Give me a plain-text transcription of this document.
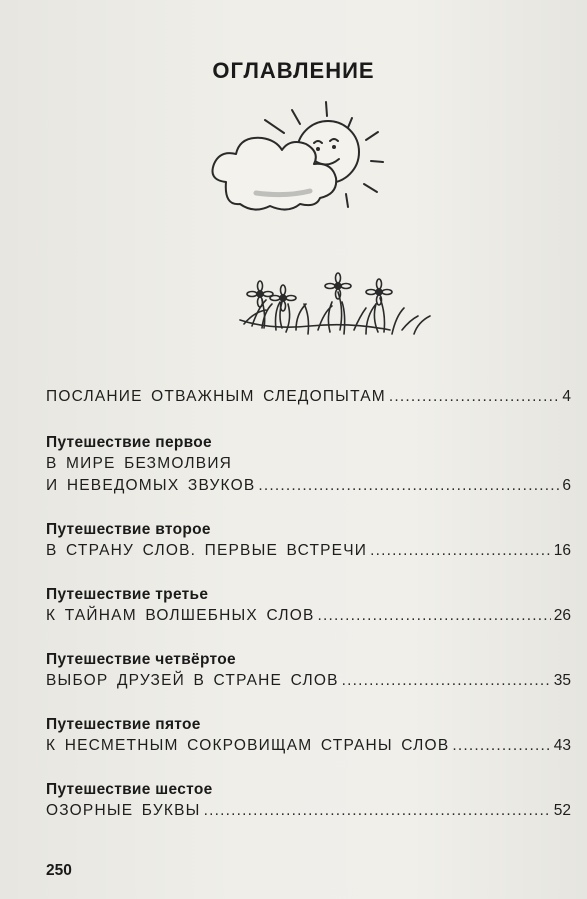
ОГЛАВЛЕНИЕ
ПОСЛАНИЕ ОТВАЖНЫМ СЛЕДОПЫТАМ .....	4
Путешествие первое
В МИРЕ БЕЗМОЛВИЯ
И НЕВЕДОМЫХ ЗВУКОВ .....	6
Путешествие второе
В СТРАНУ СЛОВ. ПЕРВЫЕ ВСТРЕЧИ .....	16
Путешествие третье
К ТАЙНАМ ВОЛШЕБНЫХ СЛОВ .....	26
Путешествие четвёртое
ВЫБОР ДРУЗЕЙ В СТРАНЕ СЛОВ .....	35
Путешествие пятое
К НЕСМЕТНЫМ СОКРОВИЩАМ СТРАНЫ СЛОВ .....	43
Путешествие шестое
ОЗОРНЫЕ БУКВЫ .....	52
250
